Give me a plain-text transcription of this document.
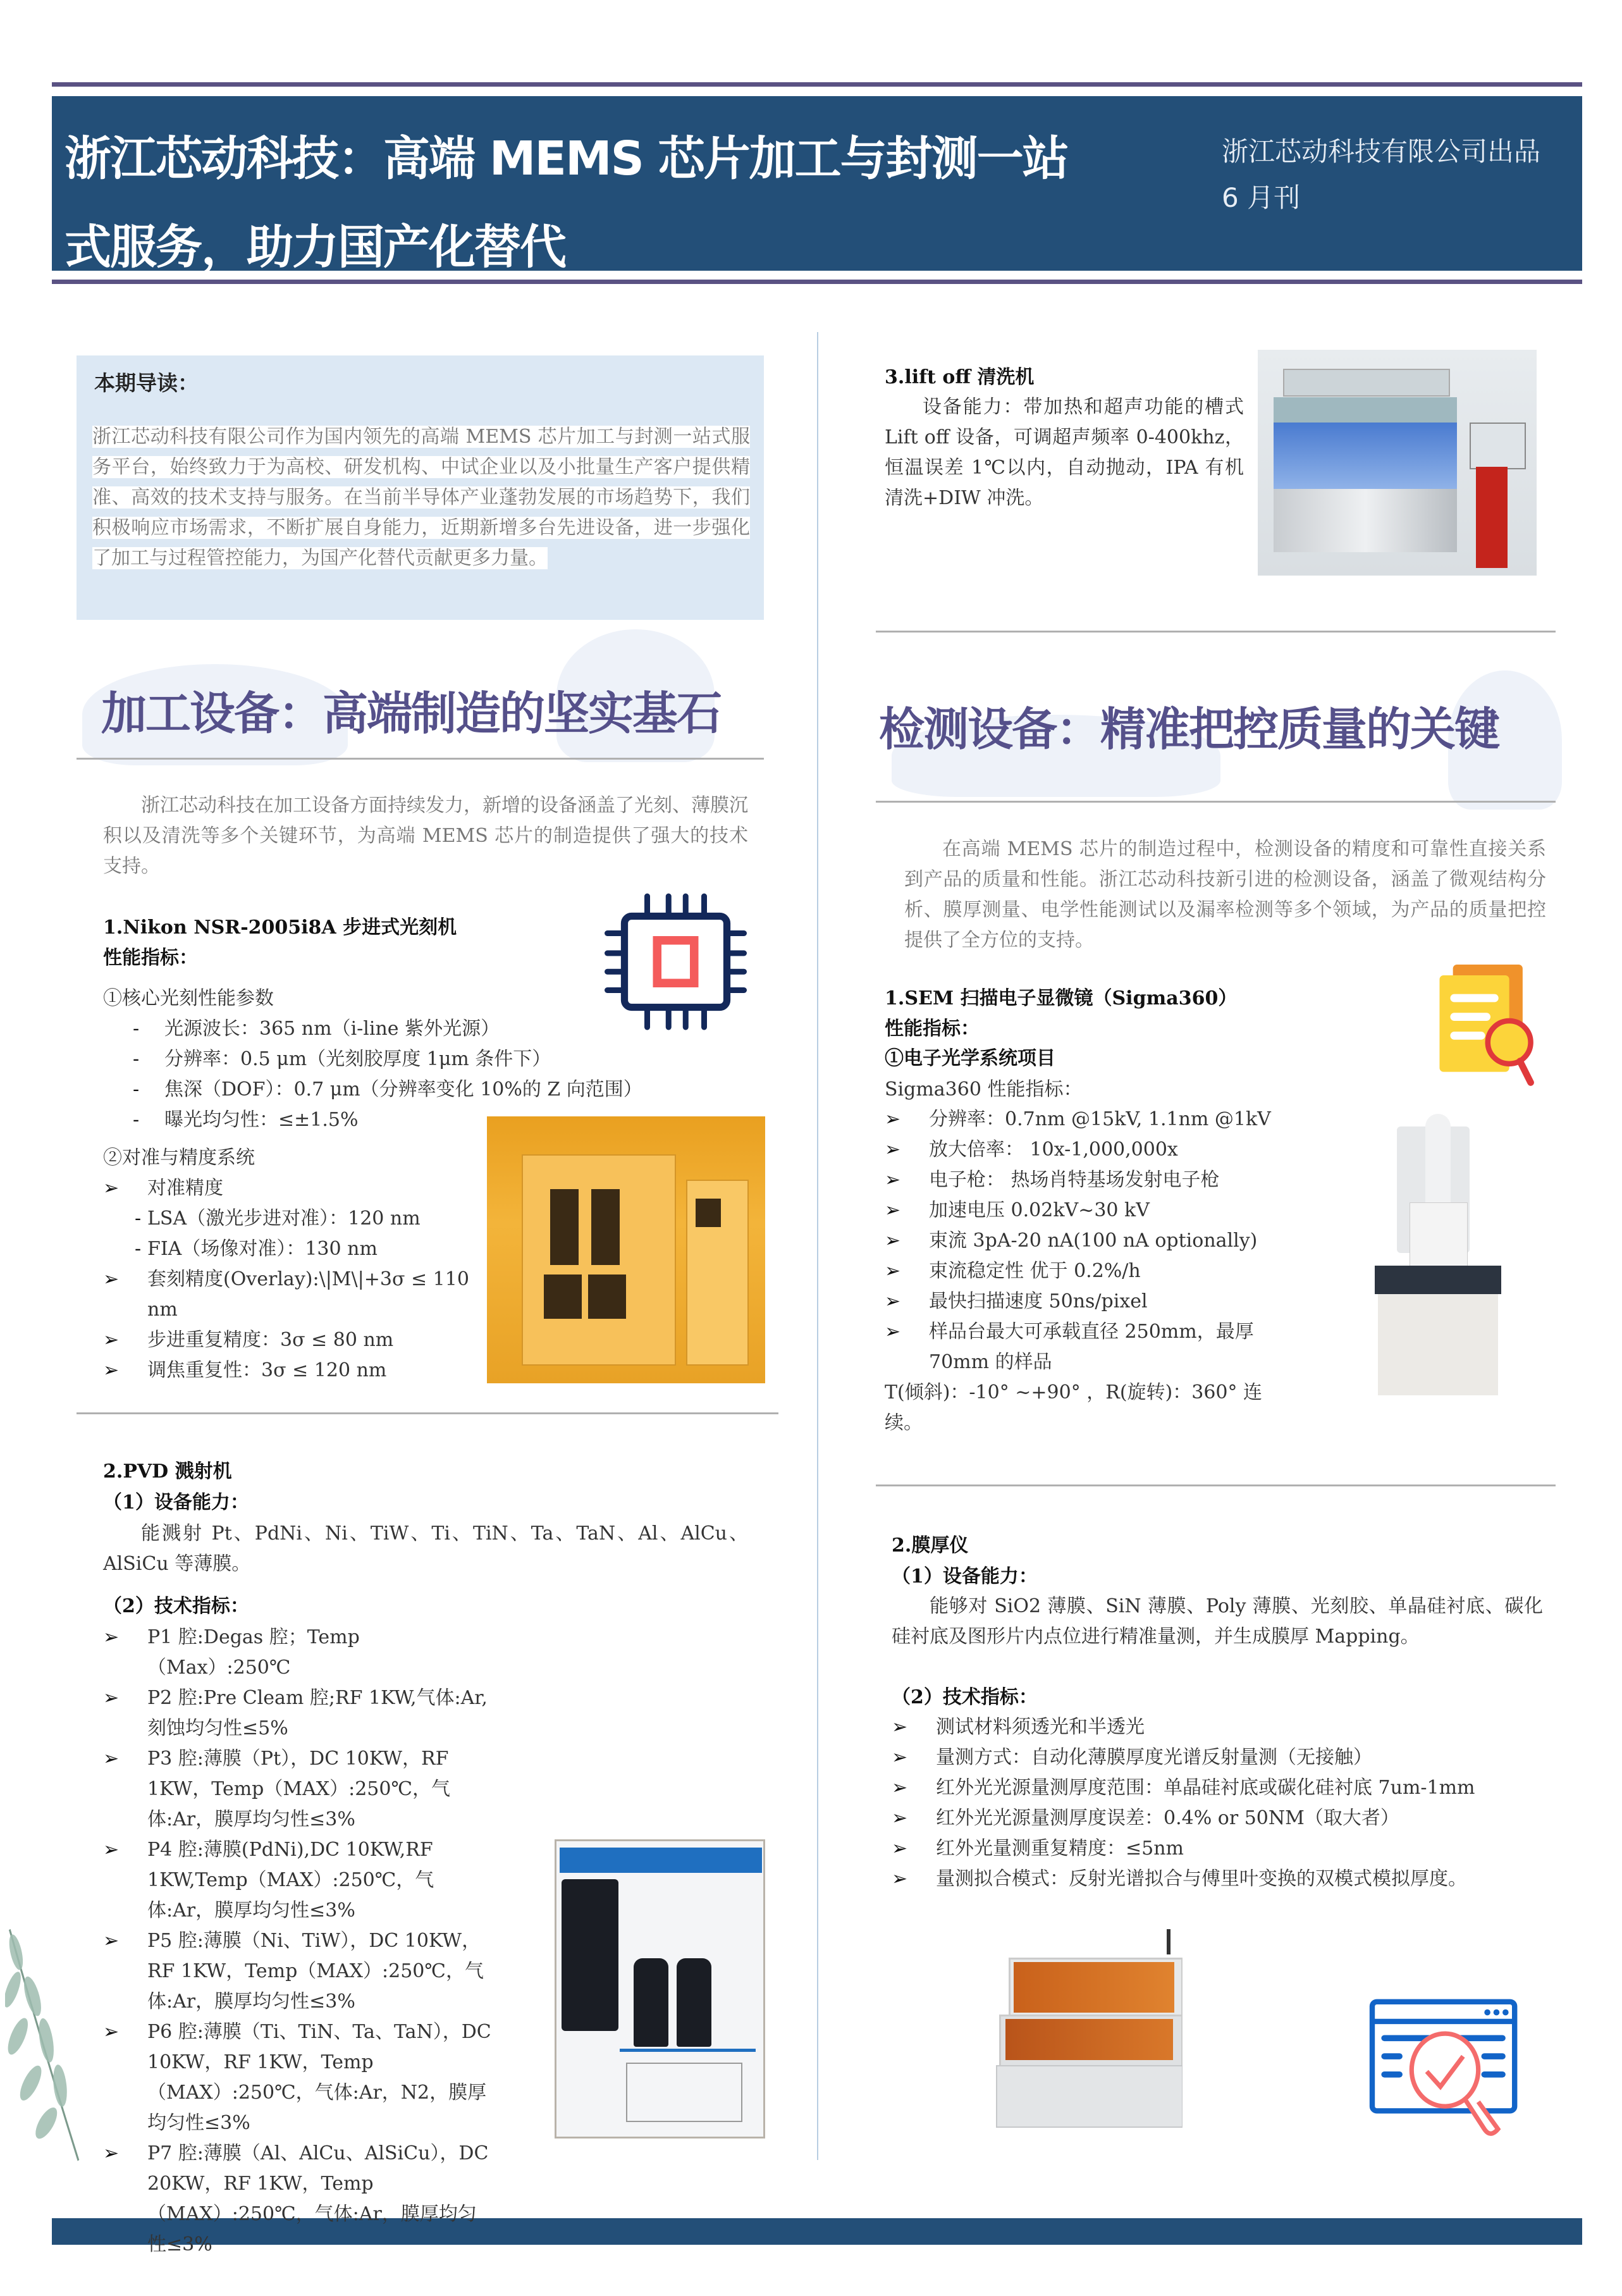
浙江芯动科技：高端 MEMS 芯片加工与封测一站
式服务，助力国产化替代
浙江芯动科技有限公司出品
6 月刊
本期导读：
浙江芯动科技有限公司作为国内领先的高端 MEMS 芯片加工与封测一站式服务平台，始终致力于为高校、研发机构、中试企业以及小批量生产客户提供精准、高效的技术支持与服务。在当前半导体产业蓬勃发展的市场趋势下，我们积极响应市场需求，不断扩展自身能力，近期新增多台先进设备，进一步强化了加工与过程管控能力，为国产化替代贡献更多力量。
加工设备：高端制造的坚实基石
浙江芯动科技在加工设备方面持续发力，新增的设备涵盖了光刻、薄膜沉积以及清洗等多个关键环节，为高端 MEMS 芯片的制造提供了强大的技术支持。
1.Nikon NSR-2005i8A 步进式光刻机
性能指标：
①核心光刻性能参数
- 光源波长：365 nm（i-line 紫外光源）
- 分辨率：0.5 μm（光刻胶厚度 1μm 条件下）
- 焦深（DOF）：0.7 μm（分辨率变化 10%的 Z 向范围）
- 曝光均匀性：≤±1.5%
②对准与精度系统
➢ 对准精度
- LSA（激光步进对准）：120 nm
- FIA（场像对准）：130 nm
➢ 套刻精度(Overlay):\|M\|+3σ ≤ 110 nm
➢ 步进重复精度：3σ ≤ 80 nm
➢ 调焦重复性：3σ ≤ 120 nm
2.PVD 溅射机
（1）设备能力：
能溅射 Pt、PdNi、Ni、TiW、Ti、TiN、Ta、TaN、Al、AlCu、AlSiCu 等薄膜。
（2）技术指标：
➢ P1 腔:Degas 腔；Temp（Max）:250℃
➢ P2 腔:Pre Cleam 腔;RF 1KW,气体:Ar,刻蚀均匀性≤5%
➢ P3 腔:薄膜（Pt），DC 10KW，RF 1KW，Temp（MAX）:250℃，气体:Ar，膜厚均匀性≤3%
➢ P4 腔:薄膜(PdNi),DC 10KW,RF 1KW,Temp（MAX）:250℃，气体:Ar，膜厚均匀性≤3%
➢ P5 腔:薄膜（Ni、TiW），DC 10KW，RF 1KW，Temp（MAX）:250℃，气体:Ar，膜厚均匀性≤3%
➢ P6 腔:薄膜（Ti、TiN、Ta、TaN），DC 10KW，RF 1KW，Temp（MAX）:250℃，气体:Ar，N2，膜厚均匀性≤3%
➢ P7 腔:薄膜（Al、AlCu、AlSiCu），DC 20KW，RF 1KW，Temp（MAX）:250℃，气体:Ar，膜厚均匀性≤3%
3.lift off 清洗机
设备能力：带加热和超声功能的槽式 Lift off 设备，可调超声频率 0-400khz，恒温误差 1℃以内，自动抛动，IPA 有机清洗+DIW 冲洗。
检测设备：精准把控质量的关键
在高端 MEMS 芯片的制造过程中，检测设备的精度和可靠性直接关系到产品的质量和性能。浙江芯动科技新引进的检测设备，涵盖了微观结构分析、膜厚测量、电学性能测试以及漏率检测等多个领域，为产品的质量把控提供了全方位的支持。
1.SEM 扫描电子显微镜（Sigma360）
性能指标：
①电子光学系统项目
Sigma360 性能指标：
➢ 分辨率：0.7nm @15kV, 1.1nm @1kV
➢ 放大倍率： 10x-1,000,000x
➢ 电子枪： 热场肖特基场发射电子枪
➢ 加速电压 0.02kV~30 kV
➢ 束流 3pA-20 nA(100 nA optionally)
➢ 束流稳定性 优于 0.2%/h
➢ 最快扫描速度 50ns/pixel
➢ 样品台最大可承载直径 250mm，最厚 70mm 的样品
T(倾斜)：-10° ~+90° ，R(旋转)：360° 连续。
2.膜厚仪
（1）设备能力：
能够对 SiO2 薄膜、SiN 薄膜、Poly 薄膜、光刻胶、单晶硅衬底、碳化硅衬底及图形片内点位进行精准量测，并生成膜厚 Mapping。
（2）技术指标：
➢ 测试材料须透光和半透光
➢ 量测方式：自动化薄膜厚度光谱反射量测（无接触）
➢ 红外光光源量测厚度范围：单晶硅衬底或碳化硅衬底 7um-1mm
➢ 红外光光源量测厚度误差：0.4% or 50NM（取大者）
➢ 红外光量测重复精度：≤5nm
➢ 量测拟合模式：反射光谱拟合与傅里叶变换的双模式模拟厚度。
